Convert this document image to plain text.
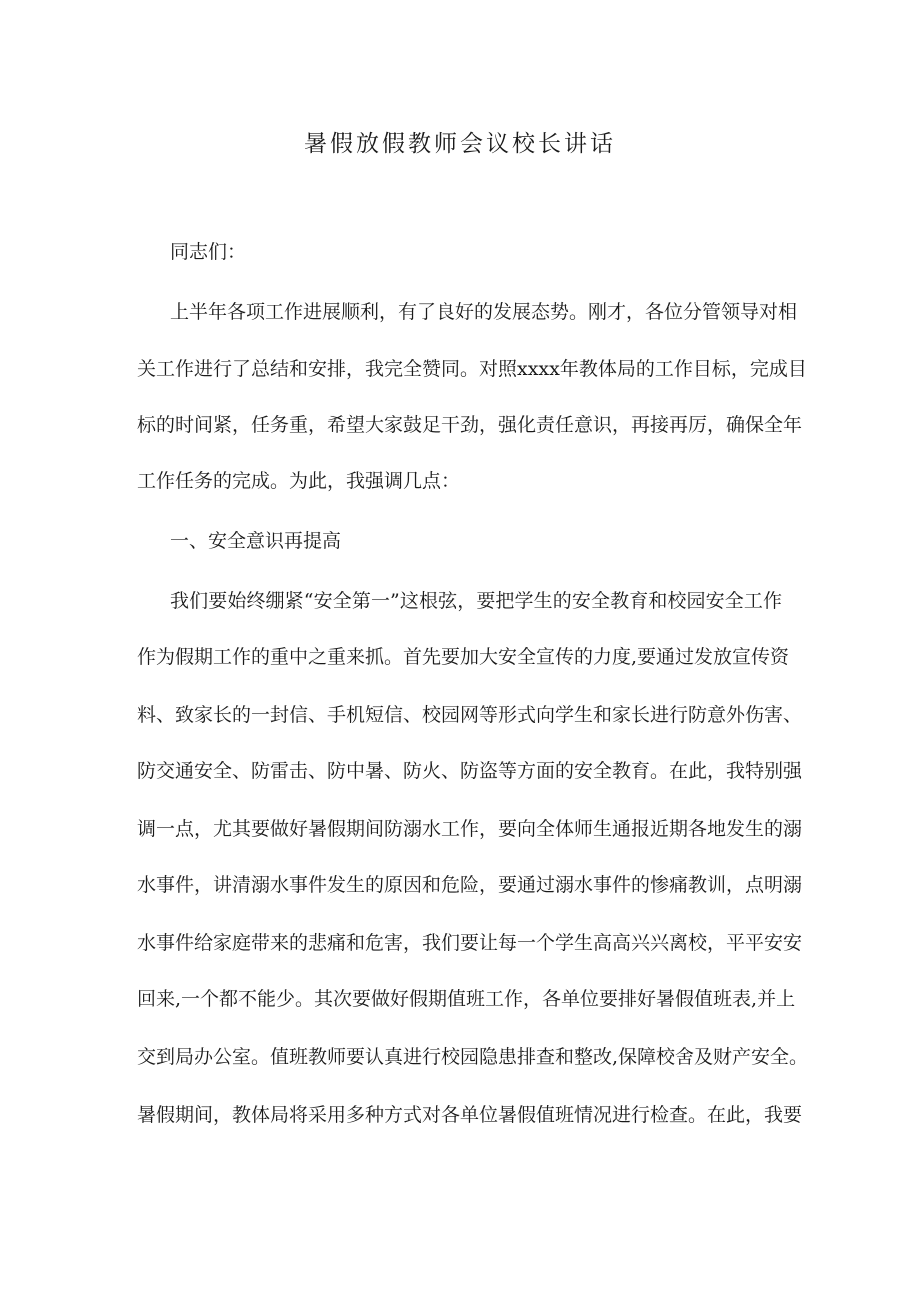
暑假放假教师会议校长讲话

同志们：

上半年各项工作进展顺利，有了良好的发展态势。刚才，各位分管领导对相

关工作进行了总结和安排，我完全赞同。对照xxxx年教体局的工作目标，完成目

标的时间紧，任务重，希望大家鼓足干劲，强化责任意识，再接再厉，确保全年

工作任务的完成。为此，我强调几点：

一、安全意识再提高

我们要始终绷紧“安全第一”这根弦，要把学生的安全教育和校园安全工作

作为假期工作的重中之重来抓。首先要加大安全宣传的力度,要通过发放宣传资

料、致家长的一封信、手机短信、校园网等形式向学生和家长进行防意外伤害、

防交通安全、防雷击、防中暑、防火、防盗等方面的安全教育。在此，我特别强

调一点，尤其要做好暑假期间防溺水工作，要向全体师生通报近期各地发生的溺

水事件，讲清溺水事件发生的原因和危险，要通过溺水事件的惨痛教训，点明溺

水事件给家庭带来的悲痛和危害，我们要让每一个学生高高兴兴离校，平平安安

回来,一个都不能少。其次要做好假期值班工作，各单位要排好暑假值班表,并上

交到局办公室。值班教师要认真进行校园隐患排查和整改,保障校舍及财产安全。

暑假期间，教体局将采用多种方式对各单位暑假值班情况进行检查。在此，我要
